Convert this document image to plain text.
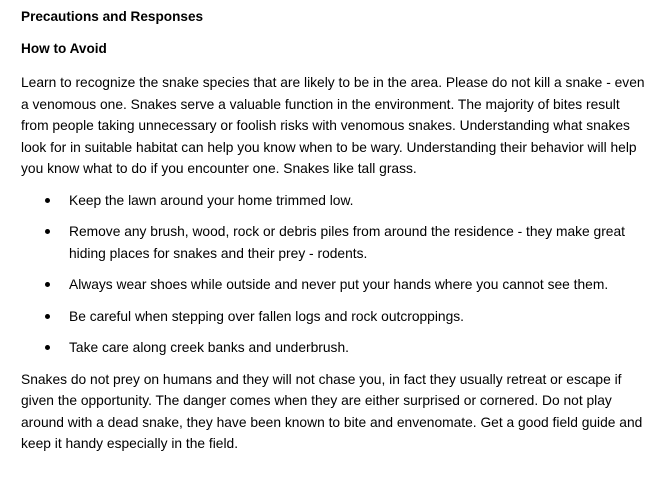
Precautions and Responses
How to Avoid

Learn to recognize the snake species that are likely to be in the area. Please do not kill a snake - even a venomous one. Snakes serve a valuable function in the environment. The majority of bites result from people taking unnecessary or foolish risks with venomous snakes. Understanding what snakes look for in suitable habitat can help you know when to be wary. Understanding their behavior will help you know what to do if you encounter one. Snakes like tall grass.

Keep the lawn around your home trimmed low.
Remove any brush, wood, rock or debris piles from around the residence - they make great hiding places for snakes and their prey - rodents.
Always wear shoes while outside and never put your hands where you cannot see them.
Be careful when stepping over fallen logs and rock outcroppings.
Take care along creek banks and underbrush.

Snakes do not prey on humans and they will not chase you, in fact they usually retreat or escape if given the opportunity. The danger comes when they are either surprised or cornered. Do not play around with a dead snake, they have been known to bite and envenomate. Get a good field guide and keep it handy especially in the field.
